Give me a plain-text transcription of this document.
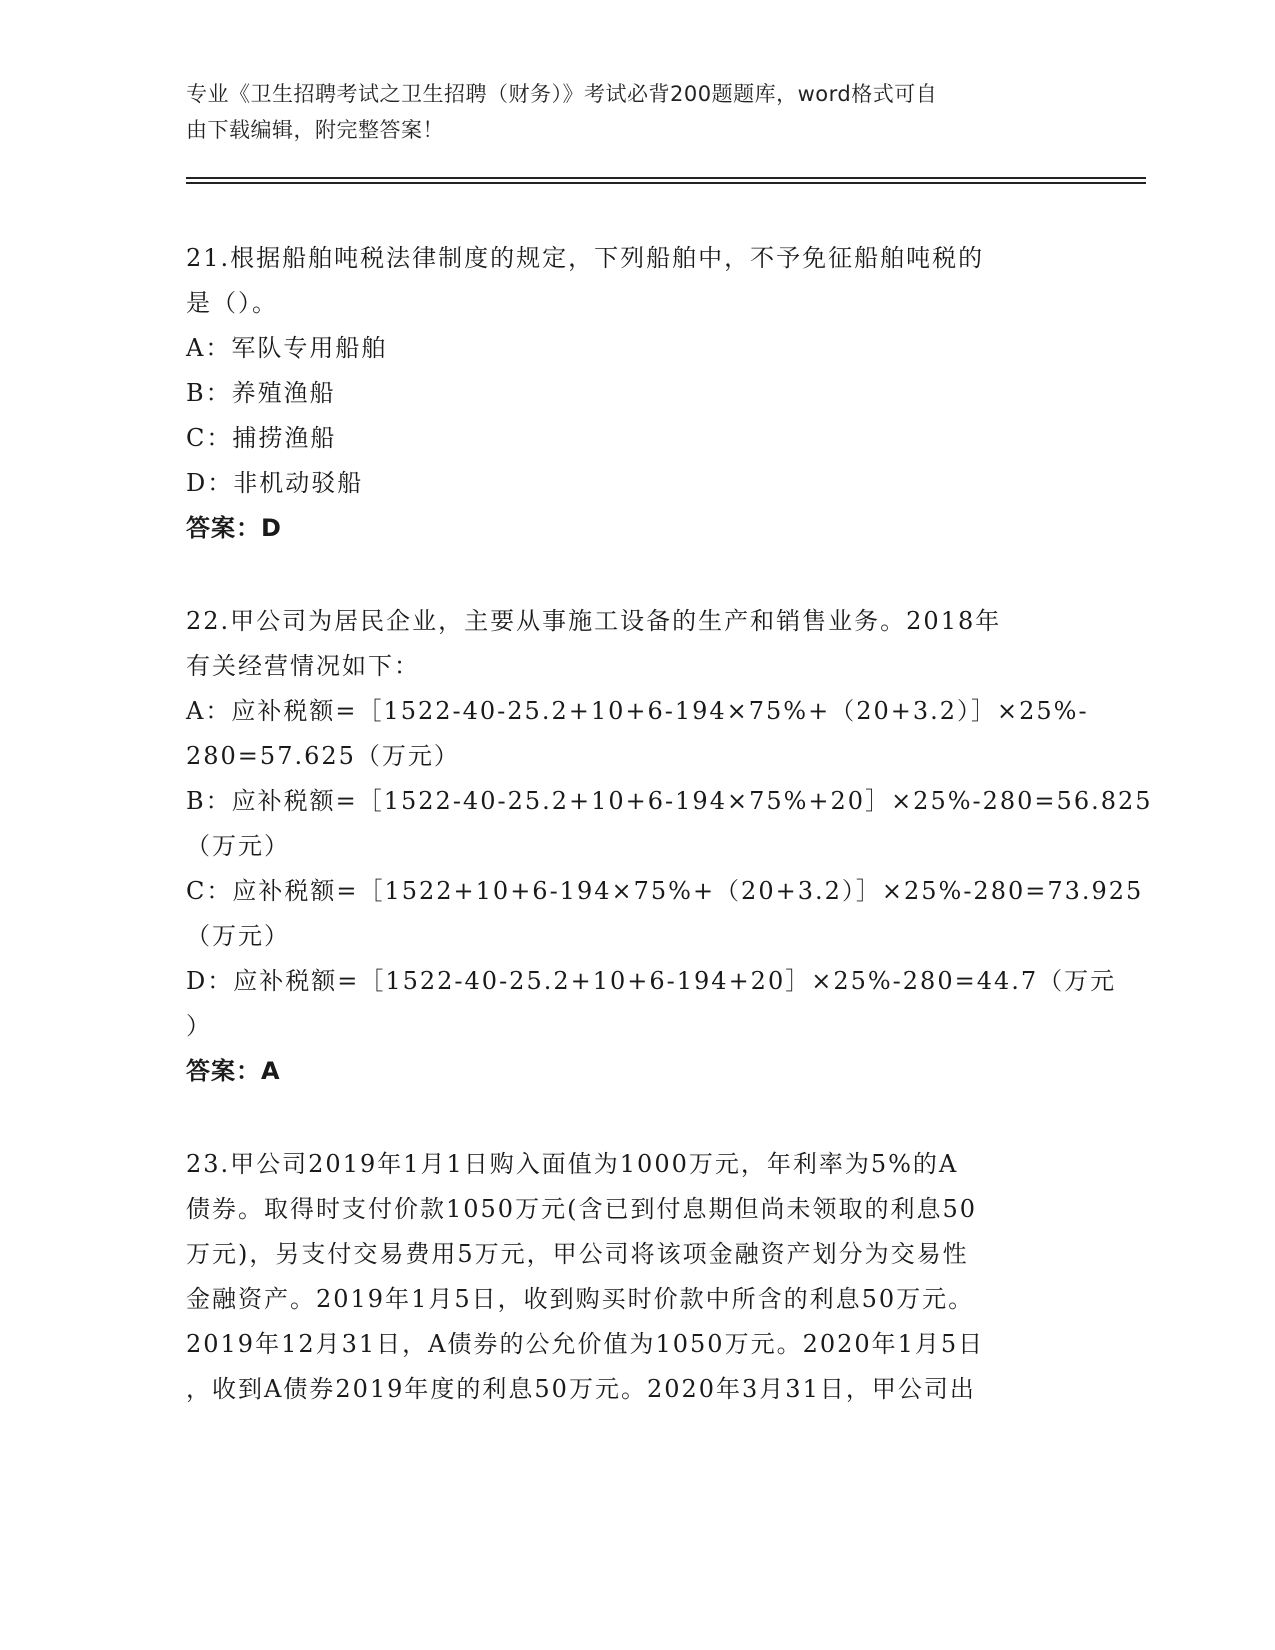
专业《卫生招聘考试之卫生招聘（财务）》考试必背200题题库，word格式可自
由下载编辑，附完整答案！
21.根据船舶吨税法律制度的规定，下列船舶中，不予免征船舶吨税的
是（）。
A：军队专用船舶
B：养殖渔船
C：捕捞渔船
D：非机动驳船
答案：D
22.甲公司为居民企业，主要从事施工设备的生产和销售业务。2018年
有关经营情况如下：
A：应补税额=［1522-40-25.2+10+6-194×75%+（20+3.2）］×25%-
280=57.625（万元）
B：应补税额=［1522-40-25.2+10+6-194×75%+20］×25%-280=56.825
（万元）
C：应补税额=［1522+10+6-194×75%+（20+3.2）］×25%-280=73.925
（万元）
D：应补税额=［1522-40-25.2+10+6-194+20］×25%-280=44.7（万元
）
答案：A
23.甲公司2019年1月1日购入面值为1000万元，年利率为5%的A
债券。取得时支付价款1050万元(含已到付息期但尚未领取的利息50
万元)，另支付交易费用5万元，甲公司将该项金融资产划分为交易性
金融资产。2019年1月5日，收到购买时价款中所含的利息50万元。
2019年12月31日，A债券的公允价值为1050万元。2020年1月5日
，收到A债券2019年度的利息50万元。2020年3月31日，甲公司出
